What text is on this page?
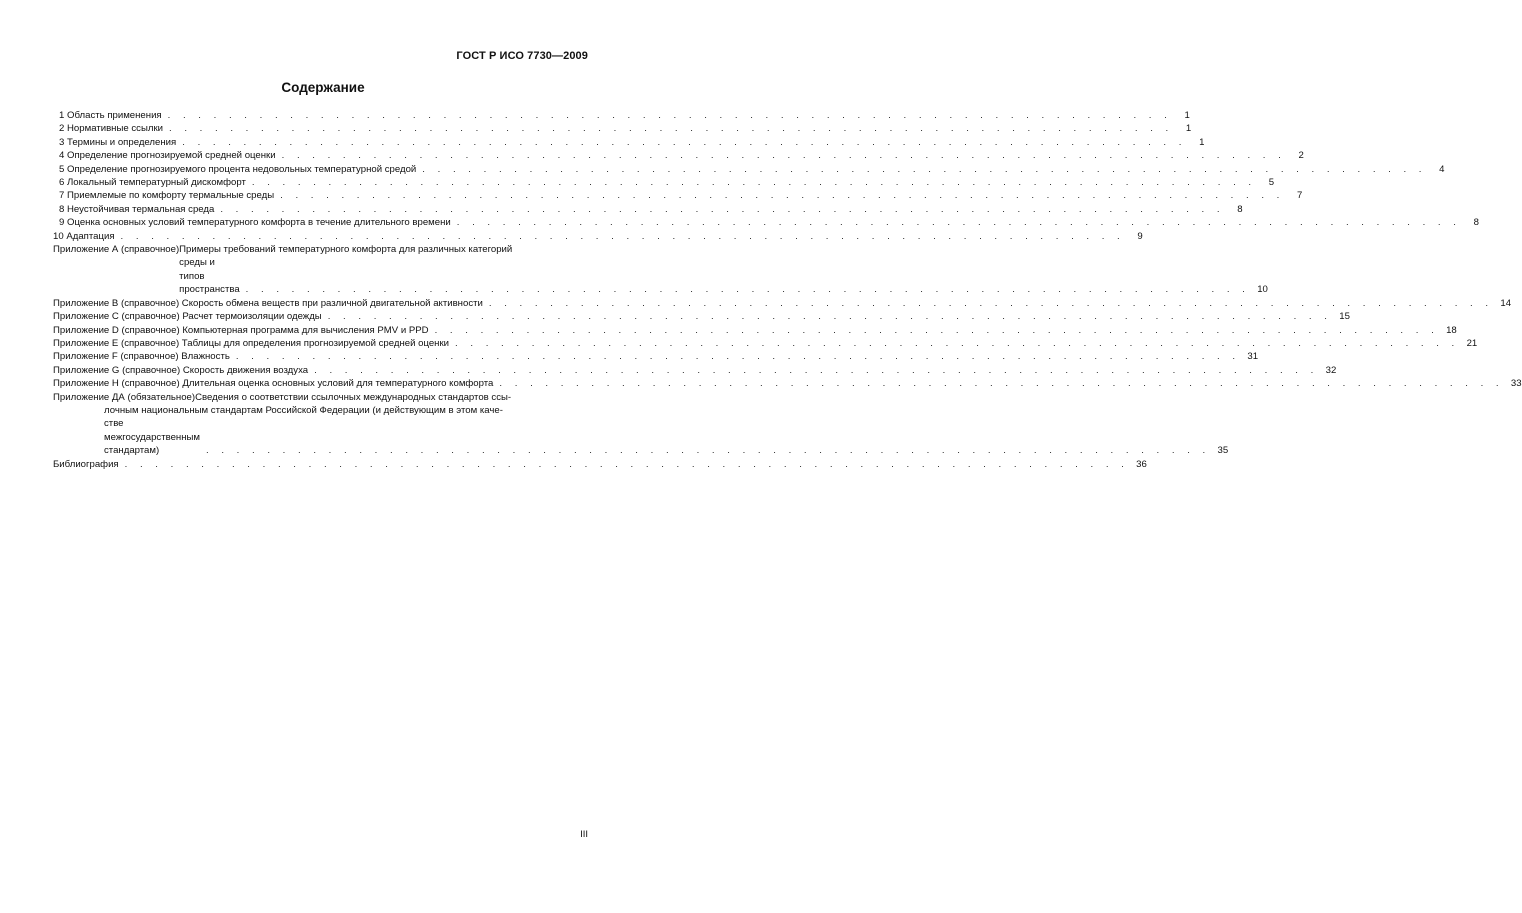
ГОСТ Р ИСО 7730—2009
Содержание
1 Область применения . . . . . . . . . . . . . . . . . . . . . . . . . . . . . . . . . . . . . . . . . . . . . . . . . . . . . . . . . . . . . . . . . .	1
2 Нормативные ссылки . . . . . . . . . . . . . . . . . . . . . . . . . . . . . . . . . . . . . . . . . . . . . . . . . . . . . . . . . . . . . . . . . .	1
3 Термины и определения . . . . . . . . . . . . . . . . . . . . . . . . . . . . . . . . . . . . . . . . . . . . . . . . . . . . . . . . . . . . . . . . . .	1
4 Определение прогнозируемой средней оценки . . . . . . . . . . . . . . . . . . . . . . . . . . . . . . . . . . . . . . . . . . . . . . . . . . . . . . . . . . . . . . . . . .	2
5 Определение прогнозируемого процента недовольных температурной средой . . . . . . . . . . . . . . . . . . . . . . . . . . . . . . . . . . . . . . . . . . . . . . . . . . . . . . . . . . . . . . . . . .	4
6 Локальный температурный дискомфорт . . . . . . . . . . . . . . . . . . . . . . . . . . . . . . . . . . . . . . . . . . . . . . . . . . . . . . . . . . . . . . . . . .	5
7 Приемлемые по комфорту термальные среды . . . . . . . . . . . . . . . . . . . . . . . . . . . . . . . . . . . . . . . . . . . . . . . . . . . . . . . . . . . . . . . . . .	7
8 Неустойчивая термальная среда . . . . . . . . . . . . . . . . . . . . . . . . . . . . . . . . . . . . . . . . . . . . . . . . . . . . . . . . . . . . . . . . . .	8
9 Оценка основных условий температурного комфорта в течение длительного времени . . . . . . . . . . . . . . . . . . . . . . . . . . . . . . . . . . . . . . . . . . . . . . . . . . . . . . . . . . . . . . . . . .	8
10 Адаптация . . . . . . . . . . . . . . . . . . . . . . . . . . . . . . . . . . . . . . . . . . . . . . . . . . . . . . . . . . . . . . . . . .	9
Приложение А (справочное) Примеры требований температурного комфорта для различных категорий
среды и типов пространства . . . . . . . . . . . . . . . . . . . . . . . . . . . . . . . . . . . . . . . . . . . . . . . . . . . . . . . . . . . . . . . . . . 10
Приложение В (справочное) Скорость обмена веществ при различной двигательной активности . . . . . . . . . . . . . . . . . . . . . . . . . . . . . . . . . . . . . . . . . . . . . . . . . . . . . . . . . . . . . . . . . . 14
Приложение С (справочное) Расчет термоизоляции одежды . . . . . . . . . . . . . . . . . . . . . . . . . . . . . . . . . . . . . . . . . . . . . . . . . . . . . . . . . . . . . . . . . . 15
Приложение D (справочное) Компьютерная программа для вычисления PMV и PPD . . . . . . . . . . . . . . . . . . . . . . . . . . . . . . . . . . . . . . . . . . . . . . . . . . . . . . . . . . . . . . . . . . 18
Приложение Е (справочное) Таблицы для определения прогнозируемой средней оценки . . . . . . . . . . . . . . . . . . . . . . . . . . . . . . . . . . . . . . . . . . . . . . . . . . . . . . . . . . . . . . . . . . 21
Приложение F (справочное) Влажность . . . . . . . . . . . . . . . . . . . . . . . . . . . . . . . . . . . . . . . . . . . . . . . . . . . . . . . . . . . . . . . . . . 31
Приложение G (справочное) Скорость движения воздуха . . . . . . . . . . . . . . . . . . . . . . . . . . . . . . . . . . . . . . . . . . . . . . . . . . . . . . . . . . . . . . . . . . 32
Приложение Н (справочное) Длительная оценка основных условий для температурного комфорта . . . . . . . . . . . . . . . . . . . . . . . . . . . . . . . . . . . . . . . . . . . . . . . . . . . . . . . . . . . . . . . . . . 33
Приложение ДА (обязательное) Сведения о соответствии ссылочных международных стандартов ссы-
лочным национальным стандартам Российской Федерации (и действующим в этом каче-
стве межгосударственным стандартам)	. . . . . . . . . . . . . . . . . . . . . . . . . . . . . . . . . . . . . . . . . . . . . . . . . . . . . . . . . . . . . . . . . . 35
Библиография . . . . . . . . . . . . . . . . . . . . . . . . . . . . . . . . . . . . . . . . . . . . . . . . . . . . . . . . . . . . . . . . . . 36
III
